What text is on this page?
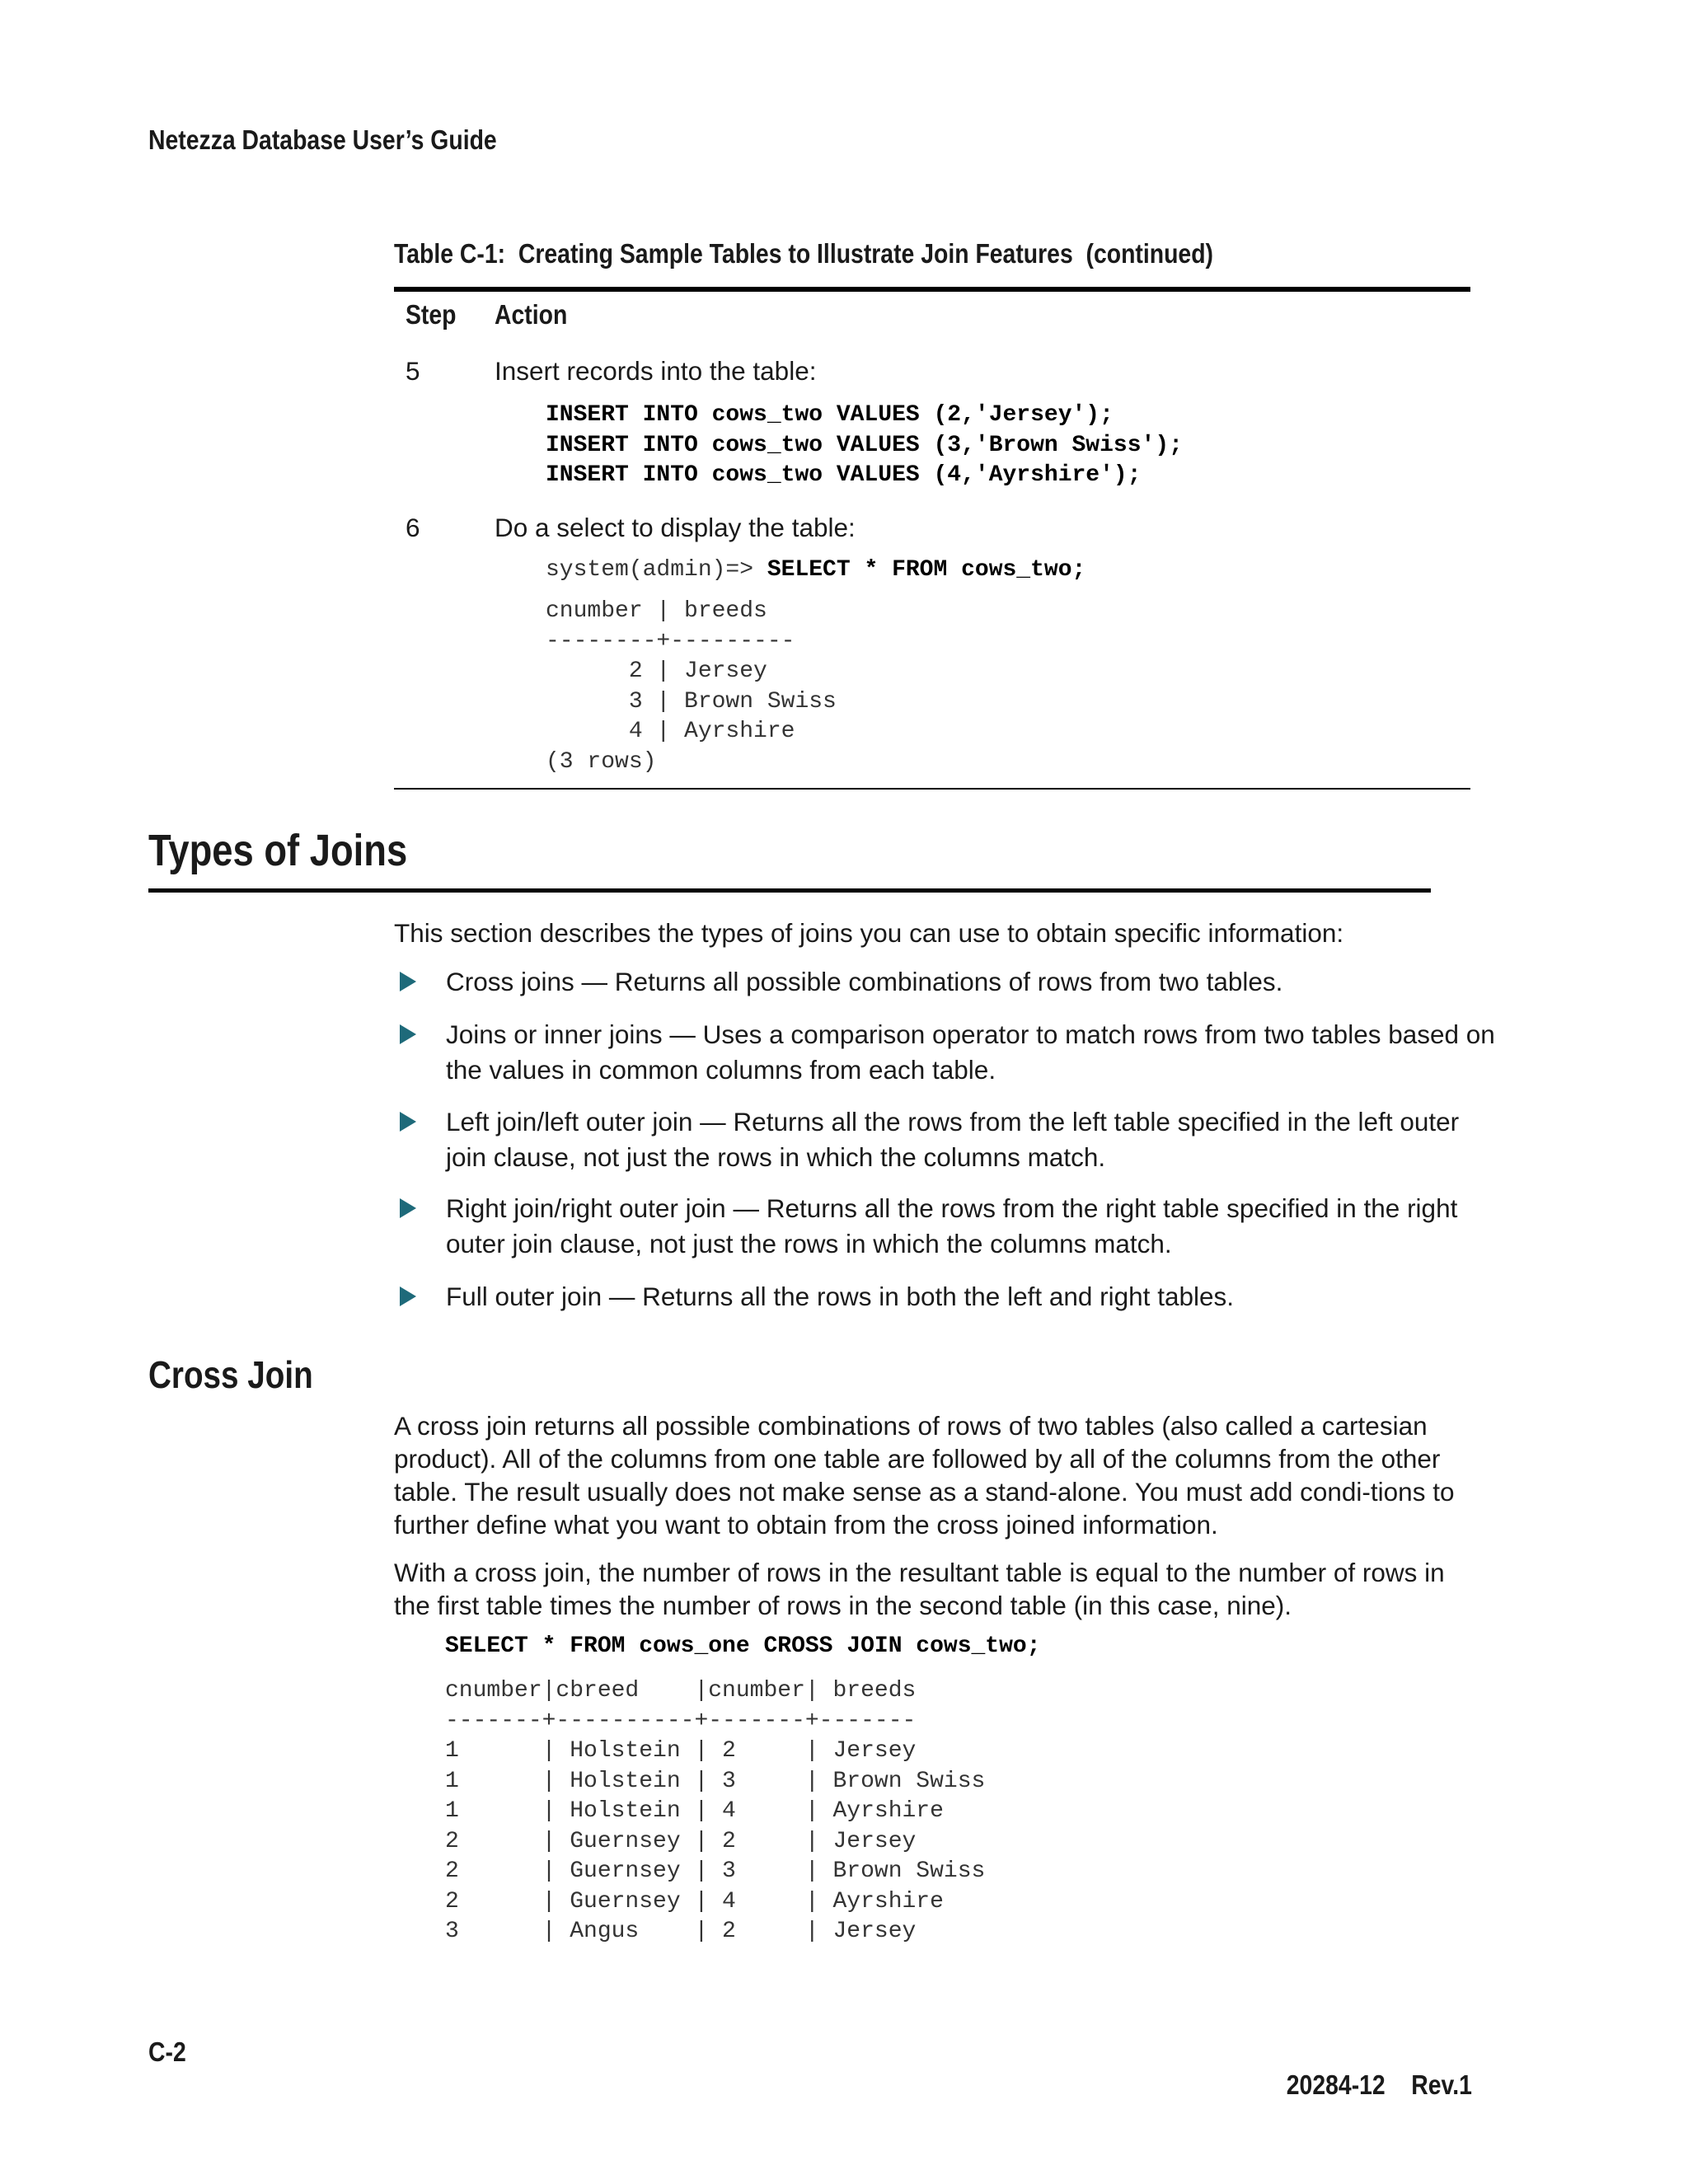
Netezza Database User’s Guide
Table C-1:  Creating Sample Tables to Illustrate Join Features  (continued)
Step Action
5	Insert records into the table:
INSERT INTO cows_two VALUES (2,'Jersey');
INSERT INTO cows_two VALUES (3,'Brown Swiss');
INSERT INTO cows_two VALUES (4,'Ayrshire');
6	Do a select to display the table:
system(admin)=> SELECT * FROM cows_two;
cnumber | breeds
--------+---------
2 | Jersey
3 | Brown Swiss
4 | Ayrshire
(3 rows)
Types of Joins
This section describes the types of joins you can use to obtain specific information:
Cross joins — Returns all possible combinations of rows from two tables.
Joins or inner joins — Uses a comparison operator to match rows from two tables based on the values in common columns from each table.
Left join/left outer join — Returns all the rows from the left table specified in the left outer join clause, not just the rows in which the columns match.
Right join/right outer join — Returns all the rows from the right table specified in the right outer join clause, not just the rows in which the columns match.
Full outer join — Returns all the rows in both the left and right tables.
Cross Join
A cross join returns all possible combinations of rows of two tables (also called a cartesian product). All of the columns from one table are followed by all of the columns from the other table. The result usually does not make sense as a stand-alone. You must add condi-tions to further define what you want to obtain from the cross joined information.
With a cross join, the number of rows in the resultant table is equal to the number of rows in the first table times the number of rows in the second table (in this case, nine).
SELECT * FROM cows_one CROSS JOIN cows_two;
cnumber|cbreed    |cnumber| breeds
-------+----------+-------+-------
1      | Holstein | 2     | Jersey
1      | Holstein | 3     | Brown Swiss
1      | Holstein | 4     | Ayrshire
2      | Guernsey | 2     | Jersey
2      | Guernsey | 3     | Brown Swiss
2      | Guernsey | 4     | Ayrshire
3      | Angus    | 2     | Jersey
C-2

20284-12 Rev.1
